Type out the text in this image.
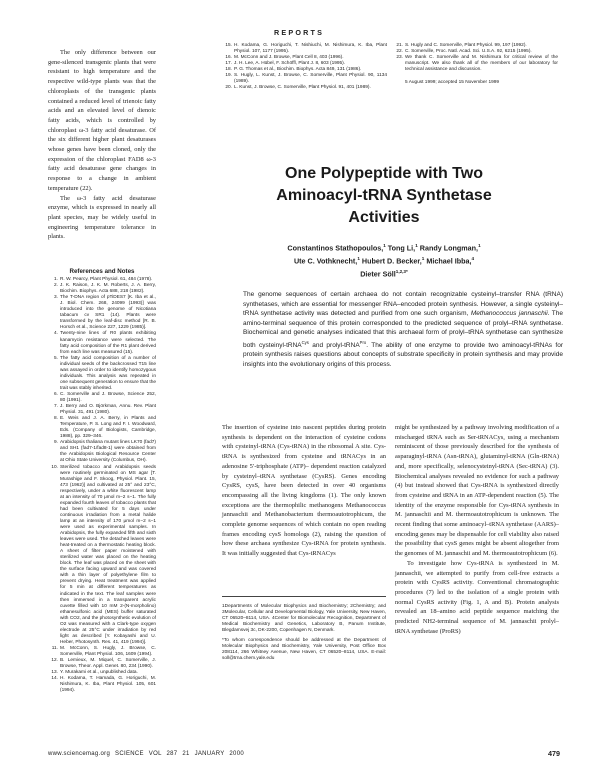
REPORTS

The only difference between our gene-silenced transgenic plants that were resistant to high temperature and the respective wild-type plants was that the chloroplasts of the transgenic plants contained a reduced level of trienoic fatty acids and an elevated level of dienoic fatty acids, which is controlled by chloroplast ω-3 fatty acid desaturase. Of the six different higher plant desaturases whose genes have been cloned, only the expression of the chloroplast FAD8 ω-3 fatty acid desaturase gene changes in response to a change in ambient temperature (22).

The ω-3 fatty acid desaturase enzyme, which is expressed in nearly all plant species, may be widely useful in engineering temperature tolerance in plants.

References and Notes
1. R. W. Pearcy, Plant Physiol. 61, 484 (1978).
2. J. K. Raison, J. K. M. Roberts, J. A. Berry, Biochim. Biophys. Acta 688, 218 (1982).
3. The T-DNA region of pTiDES7 [K. Iba et al., J. Biol. Chem. 268, 24099 (1993)] was introduced into the genome of Nicotiana tabacum cv SR1 (14). Plants were transformed by the leaf-disc method [R. B. Horsch et al., Science 227, 1229 (1985)].
4. Twenty-nine lines of R0 plants exhibiting kanamycin resistance were selected. The fatty acid composition of the R1 plant derived from each line was measured (15).
5. The fatty acid composition of a number of individual seeds of the backcrossed T15 line was assayed in order to identify homozygous individuals. This analysis was repeated in one subsequent generation to ensure that the trait was stably inherited.
6. C. Somerville and J. Browse, Science 252, 80 (1991).
7. J. Berry and O. Björkman, Annu. Rev. Plant Physiol. 31, 491 (1980).
8. E. Weis and J. A. Berry, in Plants and Temperature, P. S. Long and F. I. Woodward, Eds. (Company of Biologists, Cambridge, 1988), pp. 329–346.
9. Arabidopsis thaliana mutant lines LK70 (fad7) and SH1 (fad7-1/fad8-1) were obtained from the Arabidopsis Biological Resource Center at Ohio State University (Columbus, OH).
10. Sterilized tobacco and Arabidopsis seeds were routinely germinated on MS agar [T. Murashige and F. Skoog, Physiol. Plant. 15, 473 (1962)] and cultivated at 25° and 23°C, respectively, under a white fluorescent lamp at an intensity of 70 μmol m−2 s−1. The fully expanded fourth leaves of tobacco plants that had been cultivated for 5 days under continuous irradiation from a metal halide lamp at an intensity of 170 μmol m−2 s−1 were used as experimental samples. In Arabidopsis, the fully expanded fifth and sixth leaves were used. The detached leaves were heat-treated on a thermostatic heating block. A sheet of filter paper moistened with sterilized water was placed on the heating block. The leaf was placed on the sheet with the surface facing upward and was covered with a thin layer of polyethylene film to prevent drying. Heat treatment was applied for 5 min at different temperatures as indicated in the text. The leaf samples were then immersed in a transparent acrylic cuvette filled with 10 mM 2-(N-morpholino) ethanesulfonic acid (MES) buffer saturated with CO2, and the photosynthetic evolution of O2 was measured with a Clark-type oxygen electrode at 25°C under irradiation by red light as described [Y. Kobayashi and U. Heber, Photosynth. Res. 41, 419 (1994)].
11. M. McConn, S. Hugly, J. Browse, C. Somerville, Plant Physiol. 106, 1609 (1994).
12. B. Lemieux, M. Miquel, C. Somerville, J. Browse, Theor. Appl. Genet. 80, 234 (1990).
13. Y. Murakami et al., unpublished data.
14. H. Kodama, T. Hamada, G. Horiguchi, M. Nishimura, K. Iba, Plant Physiol. 105, 601 (1994).
15. H. Kodama, G. Horiguchi, T. Nishiuchi, M. Nishimura, K. Iba, Plant Physiol. 107, 1177 (1995).
16. M. McConn and J. Browse, Plant Cell 8, 403 (1996).
17. J. H. Lee, A. Hübel, F. Schöffl, Plant J. 8, 603 (1995).
18. P. G. Thomas et al., Biochim. Biophys. Acta 849, 131 (1986).
19. S. Hugly, L. Kunst, J. Browse, C. Somerville, Plant Physiol. 90, 1134 (1989).
20. L. Kunst, J. Browse, C. Somerville, Plant Physiol. 91, 401 (1989).
21. S. Hugly and C. Somerville, Plant Physiol. 99, 197 (1992).
22. C. Somerville, Proc. Natl. Acad. Sci. U.S.A. 92, 6215 (1995).
23. We thank C. Somerville and M. Nishimura for critical review of the manuscript. We also thank all of the members of our laboratory for technical assistance and discussion.
5 August 1999; accepted 15 November 1999
One Polypeptide with Two
Aminoacyl-tRNA Synthetase
Activities
Constantinos Stathopoulos,$^1$ Tong Li,$^1$ Randy Longman,$^1$
Ute C. Vothknecht,$^1$ Hubert D. Becker,$^1$ Michael Ibba,$^4$
Dieter Söll$^{1,2,3*}$
The genome sequences of certain archaea do not contain recognizable cysteinyl–transfer RNA (tRNA) synthetases, which are essential for messenger RNA–encoded protein synthesis. However, a single cysteinyl–tRNA synthetase activity was detected and purified from one such organism, Methanococcus jannaschii. The amino-terminal sequence of this protein corresponded to the predicted sequence of prolyl–tRNA synthetase. Biochemical and genetic analyses indicated that this archaeal form of prolyl–tRNA synthetase can synthesize both cysteinyl-tRNA$^{Cys}$ and prolyl-tRNA$^{Pro}$. The ability of one enzyme to provide two aminoacyl-tRNAs for protein synthesis raises questions about concepts of substrate specificity in protein synthesis and may provide insights into the evolutionary origins of this process.

The insertion of cysteine into nascent peptides during protein synthesis is dependent on the interaction of cysteine codons with cysteinyl-tRNA (Cys-tRNA) in the ribosomal A site. Cys-tRNA is synthesized from cysteine and tRNACys in an adenosine 5′-triphosphate (ATP)– dependent reaction catalyzed by cysteinyl–tRNA synthetase (CysRS). Genes encoding CysRS, cysS, have been detected in over 40 organisms encompassing all the living kingdoms (1). The only known exceptions are the thermophilic methanogens Methanococcus jannaschii and Methanobacterium thermoautotrophicum, the complete genome sequences of which contain no open reading frames encoding cysS homologs (2), raising the question of how these archaea synthesize Cys-tRNA for protein synthesis. It was initially suggested that Cys-tRNACys

1Departments of Molecular Biophysics and Biochemistry; 2Chemistry; and 3Molecular, Cellular and Developmental Biology, Yale University, New Haven, CT 06520–8114, USA. 4Center for Biomolecular Recognition, Department of Medical Biochemistry and Genetics, Laboratory B, Panum Institute, Blegdamsvej 3c, DK-2200, Copenhagen N, Denmark.

*To whom correspondence should be addressed at the Department of Molecular Biophysics and Biochemistry, Yale University, Post Office Box 208114, 266 Whitney Avenue, New Haven, CT 06520–8114, USA. E-mail: soll@trna.chem.yale.edu

might be synthesized by a pathway involving modification of a mischarged tRNA such as Ser-tRNACys, using a mechanism reminiscent of those previously described for the synthesis of asparaginyl-tRNA (Asn-tRNA), glutaminyl-tRNA (Gln-tRNA) and, more specifically, selenocysteinyl-tRNA (Sec-tRNA) (3). Biochemical analyses revealed no evidence for such a pathway (4) but instead showed that Cys-tRNA is synthesized directly from cysteine and tRNA in an ATP-dependent reaction (5). The identity of the enzyme responsible for Cys-tRNA synthesis in M. jannaschii and M. thermoautotrophicum is unknown. The recent finding that some aminoacyl–tRNA synthetase (AARS)–encoding genes may be dispensable for cell viability also raised the possibility that cysS genes might be absent altogether from the genomes of M. jannaschii and M. thermoautotrophicum (6).

To investigate how Cys-tRNA is synthesized in M. jannaschii, we attempted to purify from cell-free extracts a protein with CysRS activity. Conventional chromatographic procedures (7) led to the isolation of a single protein with normal CysRS activity (Fig. 1, A and B). Protein analysis revealed an 18–amino acid peptide sequence matching the predicted NH2-terminal sequence of M. jannaschii prolyl–tRNA synthetase (ProRS)

www.sciencemag.org SCIENCE VOL 287 21 JANUARY 2000	479
